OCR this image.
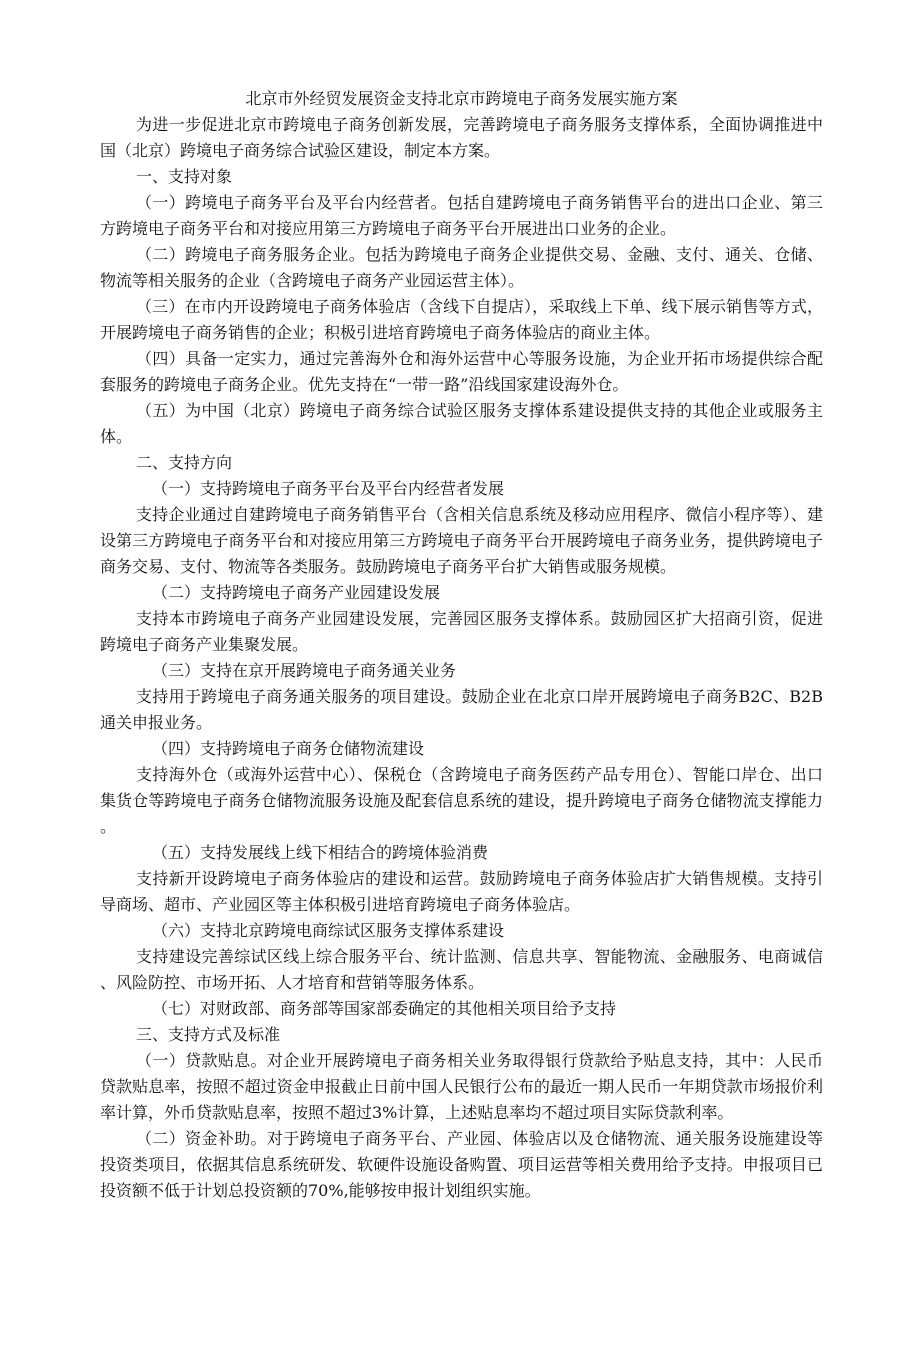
北京市外经贸发展资金支持北京市跨境电子商务发展实施方案

为进一步促进北京市跨境电子商务创新发展，完善跨境电子商务服务支撑体系，全面协调推进中国（北京）跨境电子商务综合试验区建设，制定本方案。

一、支持对象

（一）跨境电子商务平台及平台内经营者。包括自建跨境电子商务销售平台的进出口企业、第三方跨境电子商务平台和对接应用第三方跨境电子商务平台开展进出口业务的企业。

（二）跨境电子商务服务企业。包括为跨境电子商务企业提供交易、金融、支付、通关、仓储、物流等相关服务的企业（含跨境电子商务产业园运营主体）。

（三）在市内开设跨境电子商务体验店（含线下自提店），采取线上下单、线下展示销售等方式，开展跨境电子商务销售的企业；积极引进培育跨境电子商务体验店的商业主体。

（四）具备一定实力，通过完善海外仓和海外运营中心等服务设施，为企业开拓市场提供综合配套服务的跨境电子商务企业。优先支持在“一带一路”沿线国家建设海外仓。

（五）为中国（北京）跨境电子商务综合试验区服务支撑体系建设提供支持的其他企业或服务主体。

二、支持方向

（一）支持跨境电子商务平台及平台内经营者发展

支持企业通过自建跨境电子商务销售平台（含相关信息系统及移动应用程序、微信小程序等）、建设第三方跨境电子商务平台和对接应用第三方跨境电子商务平台开展跨境电子商务业务，提供跨境电子商务交易、支付、物流等各类服务。鼓励跨境电子商务平台扩大销售或服务规模。

（二）支持跨境电子商务产业园建设发展

支持本市跨境电子商务产业园建设发展，完善园区服务支撑体系。鼓励园区扩大招商引资，促进跨境电子商务产业集聚发展。

（三）支持在京开展跨境电子商务通关业务

支持用于跨境电子商务通关服务的项目建设。鼓励企业在北京口岸开展跨境电子商务B2C、B2B通关申报业务。

（四）支持跨境电子商务仓储物流建设

支持海外仓（或海外运营中心）、保税仓（含跨境电子商务医药产品专用仓）、智能口岸仓、出口集货仓等跨境电子商务仓储物流服务设施及配套信息系统的建设，提升跨境电子商务仓储物流支撑能力。

（五）支持发展线上线下相结合的跨境体验消费

支持新开设跨境电子商务体验店的建设和运营。鼓励跨境电子商务体验店扩大销售规模。支持引导商场、超市、产业园区等主体积极引进培育跨境电子商务体验店。

（六）支持北京跨境电商综试区服务支撑体系建设

支持建设完善综试区线上综合服务平台、统计监测、信息共享、智能物流、金融服务、电商诚信、风险防控、市场开拓、人才培育和营销等服务体系。

（七）对财政部、商务部等国家部委确定的其他相关项目给予支持

三、支持方式及标准

（一）贷款贴息。对企业开展跨境电子商务相关业务取得银行贷款给予贴息支持，其中：人民币贷款贴息率，按照不超过资金申报截止日前中国人民银行公布的最近一期人民币一年期贷款市场报价利率计算，外币贷款贴息率，按照不超过3%计算，上述贴息率均不超过项目实际贷款利率。

（二）资金补助。对于跨境电子商务平台、产业园、体验店以及仓储物流、通关服务设施建设等投资类项目，依据其信息系统研发、软硬件设施设备购置、项目运营等相关费用给予支持。申报项目已投资额不低于计划总投资额的70%,能够按申报计划组织实施。
